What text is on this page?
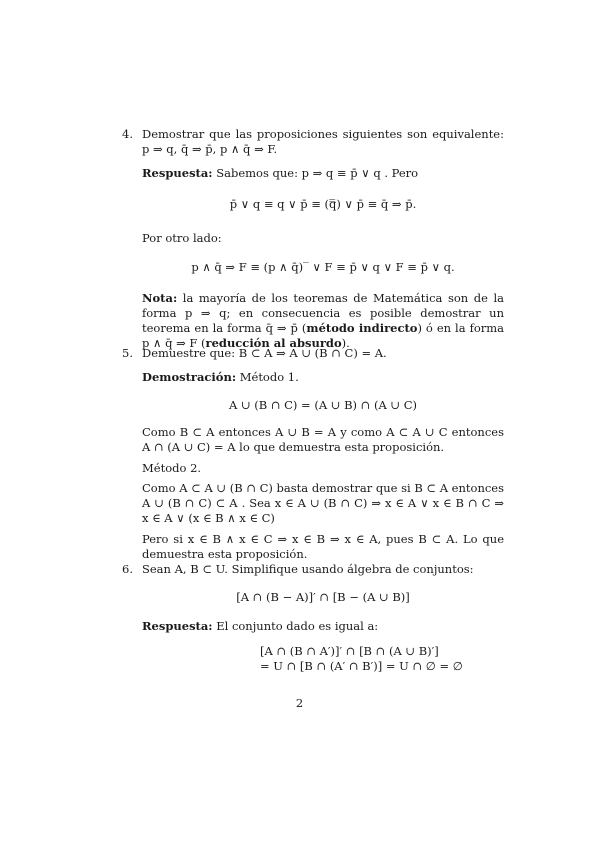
4. Demostrar que las proposiciones siguientes son equivalente: p ⇒ q, q̄ ⇒ p̄, p ∧ q̄ ⇒ F.

Respuesta: Sabemos que: p ⇒ q ≡ p̄ ∨ q . Pero

p̄ ∨ q ≡ q ∨ p̄ ≡ (q̿) ∨ p̄ ≡ q̄ ⇒ p̄.

Por otro lado:

p ∧ q̄ ⇒ F ≡ (p ∧ q̄)‾ ∨ F ≡ p̄ ∨ q ∨ F ≡ p̄ ∨ q.

Nota: la mayoría de los teoremas de Matemática son de la forma p ⇒ q; en consecuencia es posible demostrar un teorema en la forma q̄ ⇒ p̄ (método indirecto) ó en la forma p ∧ q̄ ⇒ F (reducción al absurdo).

5. Demuestre que: B ⊂ A ⇒ A ∪ (B ∩ C) = A.

Demostración: Método 1.

A ∪ (B ∩ C) = (A ∪ B) ∩ (A ∪ C)

Como B ⊂ A entonces A ∪ B = A y como A ⊂ A ∪ C entonces A ∩ (A ∪ C) = A lo que demuestra esta proposición.

Método 2.

Como A ⊂ A ∪ (B ∩ C) basta demostrar que si B ⊂ A entonces A ∪ (B ∩ C) ⊂ A . Sea x ∈ A ∪ (B ∩ C) ⇒ x ∈ A ∨ x ∈ B ∩ C ⇒ x ∈ A ∨ (x ∈ B ∧ x ∈ C)

Pero si x ∈ B ∧ x ∈ C ⇒ x ∈ B ⇒ x ∈ A, pues B ⊂ A. Lo que demuestra esta proposición.

6. Sean A, B ⊂ U. Simplifique usando álgebra de conjuntos:

[A ∩ (B − A)]′ ∩ [B − (A ∪ B)]

Respuesta: El conjunto dado es igual a:

[A ∩ (B ∩ A′)]′ ∩ [B ∩ (A ∪ B)′]

= U ∩ [B ∩ (A′ ∩ B′)] = U ∩ ∅ = ∅

2
